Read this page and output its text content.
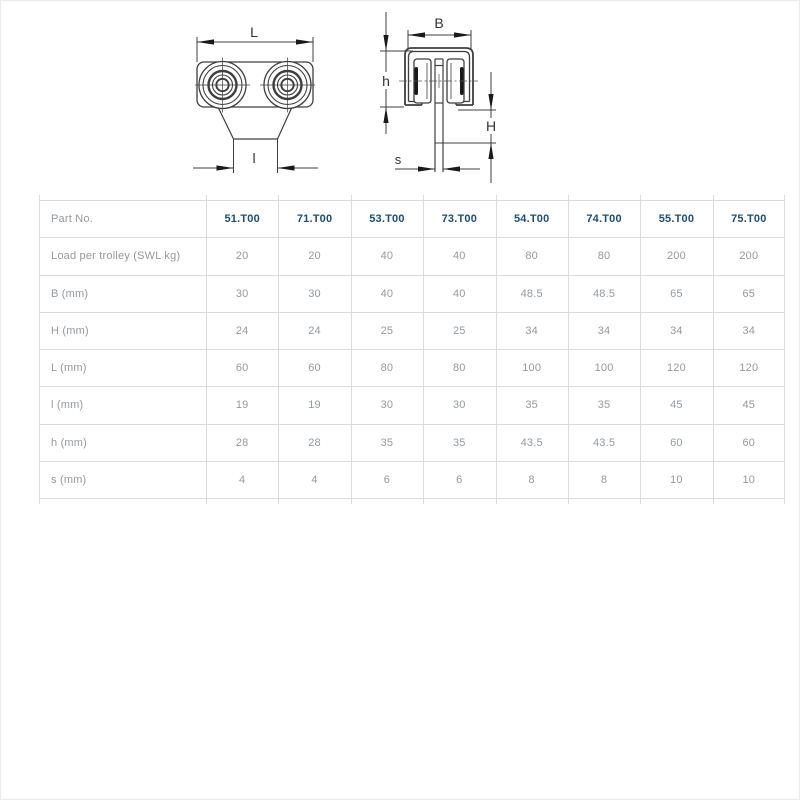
L
l
B
h
H
s
Part No.	51.T00	71.T00	53.T00	73.T00	54.T00	74.T00	55.T00	75.T00
Load per trolley (SWL kg)	20	20	40	40	80	80	200	200
B (mm)	30	30	40	40	48.5	48.5	65	65
H (mm)	24	24	25	25	34	34	34	34
L (mm)	60	60	80	80	100	100	120	120
l (mm)	19	19	30	30	35	35	45	45
h (mm)	28	28	35	35	43.5	43.5	60	60
s (mm)	4	4	6	6	8	8	10	10
